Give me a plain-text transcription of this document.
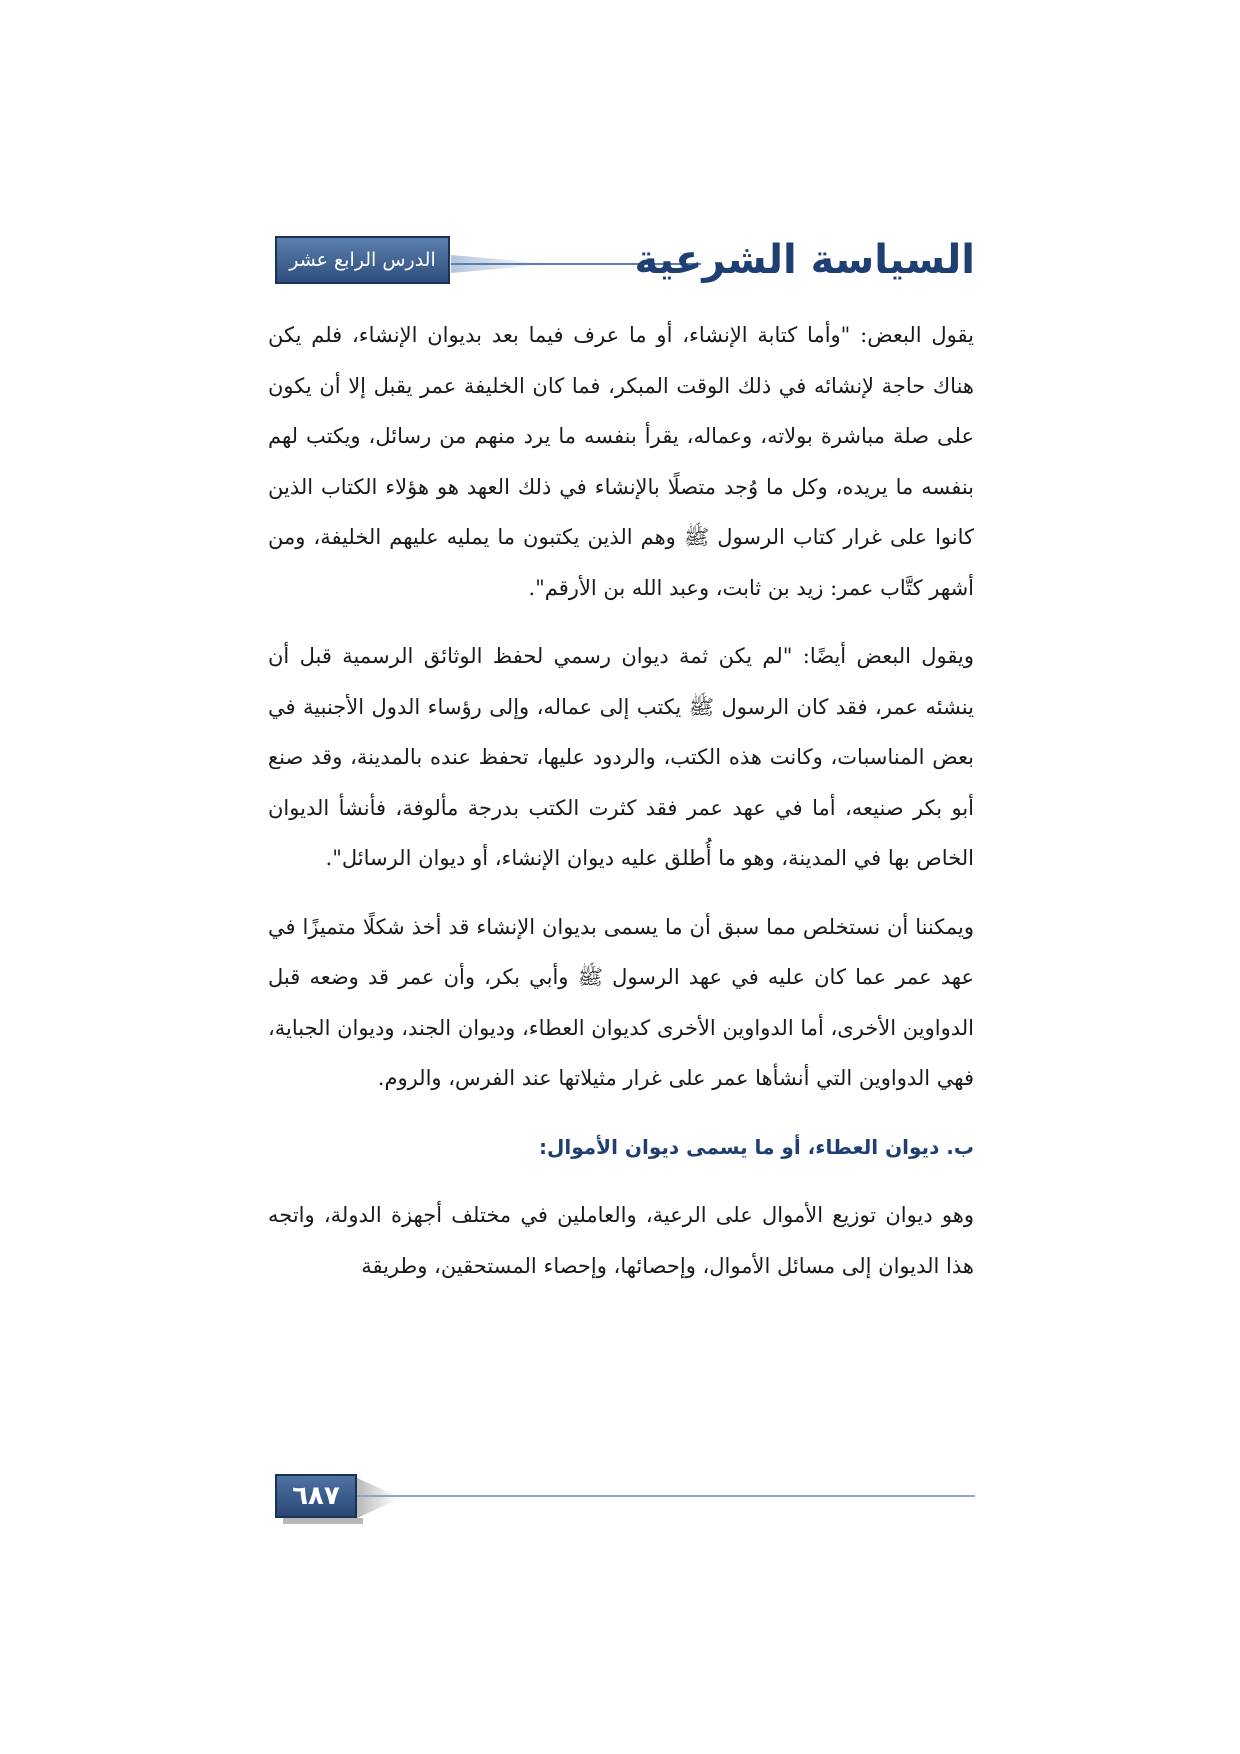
الدرس الرابع عشر	السياسة الشرعية

يقول البعض: "وأما كتابة الإنشاء، أو ما عرف فيما بعد بديوان الإنشاء، فلم يكن هناك حاجة لإنشائه في ذلك الوقت المبكر، فما كان الخليفة عمر يقبل إلا أن يكون على صلة مباشرة بولاته، وعماله، يقرأ بنفسه ما يرد منهم من رسائل، ويكتب لهم بنفسه ما يريده، وكل ما وُجد متصلًا بالإنشاء في ذلك العهد هو هؤلاء الكتاب الذين كانوا على غرار كتاب الرسول ﷺ وهم الذين يكتبون ما يمليه عليهم الخليفة، ومن أشهر كتَّاب عمر: زيد بن ثابت، وعبد الله بن الأرقم".

ويقول البعض أيضًا: "لم يكن ثمة ديوان رسمي لحفظ الوثائق الرسمية قبل أن ينشئه عمر، فقد كان الرسول ﷺ يكتب إلى عماله، وإلى رؤساء الدول الأجنبية في بعض المناسبات، وكانت هذه الكتب، والردود عليها، تحفظ عنده بالمدينة، وقد صنع أبو بكر صنيعه، أما في عهد عمر فقد كثرت الكتب بدرجة مألوفة، فأنشأ الديوان الخاص بها في المدينة، وهو ما أُطلق عليه ديوان الإنشاء، أو ديوان الرسائل".

ويمكننا أن نستخلص مما سبق أن ما يسمى بديوان الإنشاء قد أخذ شكلًا متميزًا في عهد عمر عما كان عليه في عهد الرسول ﷺ وأبي بكر، وأن عمر قد وضعه قبل الدواوين الأخرى، أما الدواوين الأخرى كديوان العطاء، وديوان الجند، وديوان الجباية، فهي الدواوين التي أنشأها عمر على غرار مثيلاتها عند الفرس، والروم.

ب. ديوان العطاء، أو ما يسمى ديوان الأموال:

وهو ديوان توزيع الأموال على الرعية، والعاملين في مختلف أجهزة الدولة، واتجه هذا الديوان إلى مسائل الأموال، وإحصائها، وإحصاء المستحقين، وطريقة

٦٨٧
